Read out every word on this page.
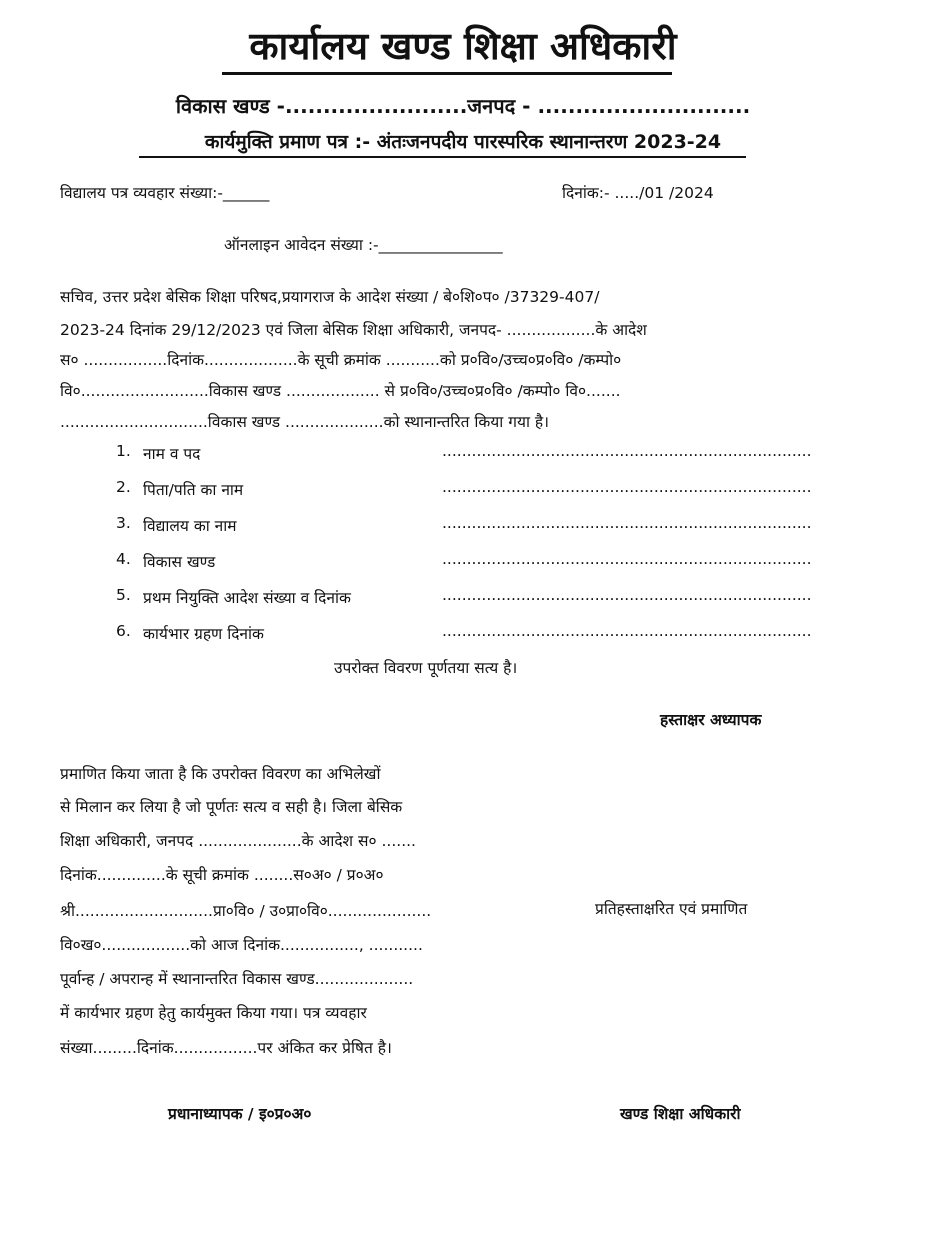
कार्यालय खण्ड शिक्षा अधिकारी
विकास खण्ड -........................जनपद - ............................
कार्यमुक्ति प्रमाण पत्र :- अंतःजनपदीय पारस्परिक स्थानान्तरण 2023-24
विद्यालय पत्र व्यवहार संख्या:-______	दिनांक:- ...../01 /2024
ऑनलाइन आवेदन संख्या :-________________
सचिव, उत्तर प्रदेश बेसिक शिक्षा परिषद,प्रयागराज के आदेश संख्या / बे०शि०प० /37329-407/
2023-24 दिनांक 29/12/2023 एवं जिला बेसिक शिक्षा अधिकारी, जनपद- ..................के आदेश
स० .................दिनांक...................के सूची क्रमांक ...........को प्र०वि०/उच्च०प्र०वि० /कम्पो०
वि०..........................विकास खण्ड ................... से प्र०वि०/उच्च०प्र०वि० /कम्पो० वि०.......
..............................विकास खण्ड ....................को स्थानान्तरित किया गया है।
1. नाम व पद	...........................................................................
2. पिता/पति का नाम	...........................................................................
3. विद्यालय का नाम	...........................................................................
4. विकास खण्ड	...........................................................................
5. प्रथम नियुक्ति आदेश संख्या व दिनांक	...........................................................................
6. कार्यभार ग्रहण दिनांक	...........................................................................
उपरोक्त विवरण पूर्णतया सत्य है।
हस्ताक्षर अध्यापक
प्रमाणित किया जाता है कि उपरोक्त विवरण का अभिलेखों
से मिलान कर लिया है जो पूर्णतः सत्य व सही है। जिला बेसिक
शिक्षा अधिकारी, जनपद .....................के आदेश स० .......
दिनांक..............के सूची क्रमांक ........स०अ० / प्र०अ०
श्री............................प्रा०वि० / उ०प्रा०वि०.....................
वि०ख०..................को आज दिनांक................, ...........
पूर्वान्ह / अपरान्ह में स्थानान्तरित विकास खण्ड....................
में कार्यभार ग्रहण हेतु कार्यमुक्त किया गया। पत्र व्यवहार
संख्या.........दिनांक.................पर अंकित कर प्रेषित है।
प्रतिहस्ताक्षरित एवं प्रमाणित
प्रधानाध्यापक / इ०प्र०अ०	खण्ड शिक्षा अधिकारी
